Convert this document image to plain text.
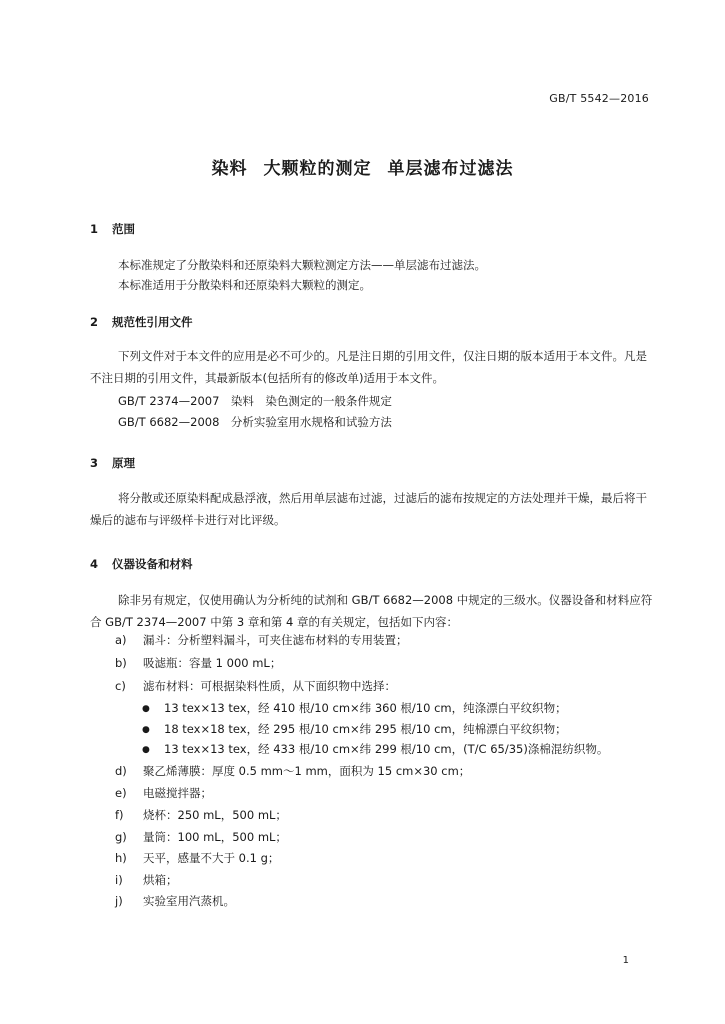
GB/T 5542—2016
染料 大颗粒的测定 单层滤布过滤法
1 范围
本标准规定了分散染料和还原染料大颗粒测定方法——单层滤布过滤法。
本标准适用于分散染料和还原染料大颗粒的测定。
2 规范性引用文件
下列文件对于本文件的应用是必不可少的。凡是注日期的引用文件，仅注日期的版本适用于本文件。凡是不注日期的引用文件，其最新版本(包括所有的修改单)适用于本文件。
GB/T 2374—2007　染料　染色测定的一般条件规定
GB/T 6682—2008　分析实验室用水规格和试验方法
3 原理
将分散或还原染料配成悬浮液，然后用单层滤布过滤，过滤后的滤布按规定的方法处理并干燥，最后将干燥后的滤布与评级样卡进行对比评级。
4 仪器设备和材料
除非另有规定，仅使用确认为分析纯的试剂和 GB/T 6682—2008 中规定的三级水。仪器设备和材料应符合 GB/T 2374—2007 中第 3 章和第 4 章的有关规定，包括如下内容：
a) 漏斗：分析塑料漏斗，可夹住滤布材料的专用装置；
b) 吸滤瓶：容量 1 000 mL；
c) 滤布材料：可根据染料性质，从下面织物中选择：
● 13 tex×13 tex，经 410 根/10 cm×纬 360 根/10 cm，纯涤漂白平纹织物；
● 18 tex×18 tex，经 295 根/10 cm×纬 295 根/10 cm，纯棉漂白平纹织物；
● 13 tex×13 tex，经 433 根/10 cm×纬 299 根/10 cm，(T/C 65/35)涤棉混纺织物。
d) 聚乙烯薄膜：厚度 0.5 mm～1 mm，面积为 15 cm×30 cm；
e) 电磁搅拌器；
f) 烧杯：250 mL，500 mL；
g) 量筒：100 mL，500 mL；
h) 天平，感量不大于 0.1 g；
i) 烘箱；
j) 实验室用汽蒸机。
1
